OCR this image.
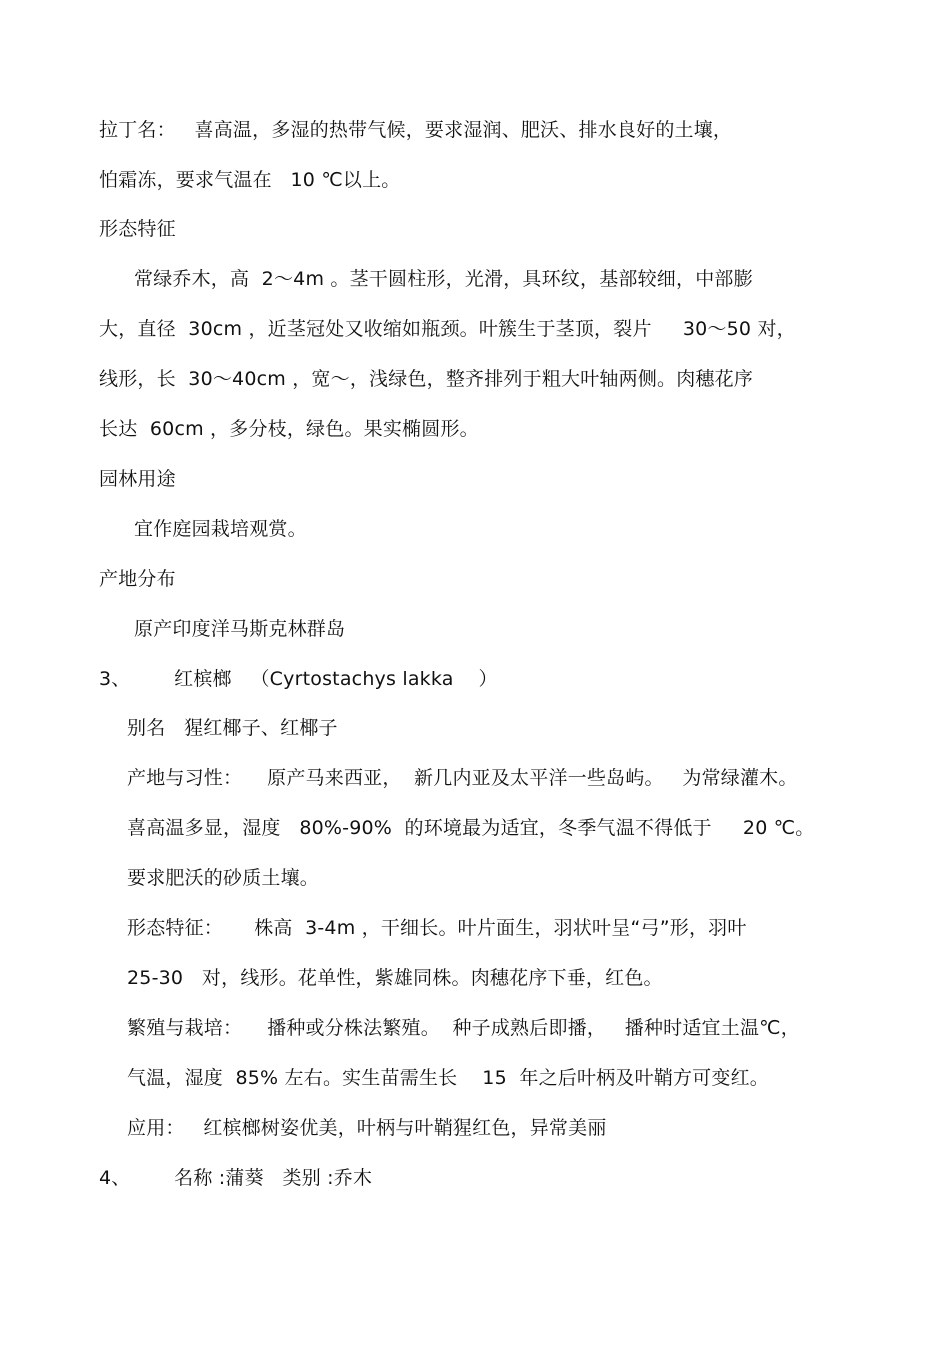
拉丁名：   喜高温，多湿的热带气候，要求湿润、肥沃、排水良好的土壤，
怕霜冻，要求气温在   10 ℃以上。
形态特征
常绿乔木，高  2～4m 。茎干圆柱形，光滑，具环纹，基部较细，中部膨
大，直径  30cm ，近茎冠处又收缩如瓶颈。叶簇生于茎顶，裂片     30～50 对，
线形，长  30～40cm ，宽～，浅绿色，整齐排列于粗大叶轴两侧。肉穗花序
长达  60cm ，多分枝，绿色。果实椭圆形。
园林用途
宜作庭园栽培观赏。
产地分布
原产印度洋马斯克林群岛
3、       红槟榔   （Cyrtostachys lakka    ）
别名   猩红椰子、红椰子
产地与习性：    原产马来西亚，  新几内亚及太平洋一些岛屿。   为常绿灌木。
喜高温多显，湿度   80%-90%  的环境最为适宜，冬季气温不得低于     20 ℃。
要求肥沃的砂质土壤。
形态特征：     株高  3-4m ，干细长。叶片面生，羽状叶呈“弓”形，羽叶
25-30   对，线形。花单性，紫雄同株。肉穗花序下垂，红色。
繁殖与栽培：    播种或分株法繁殖。  种子成熟后即播，   播种时适宜土温℃，
气温，湿度  85% 左右。实生苗需生长    15  年之后叶柄及叶鞘方可变红。
应用：   红槟榔树姿优美，叶柄与叶鞘猩红色，异常美丽
4、       名称 :蒲葵   类别 :乔木
